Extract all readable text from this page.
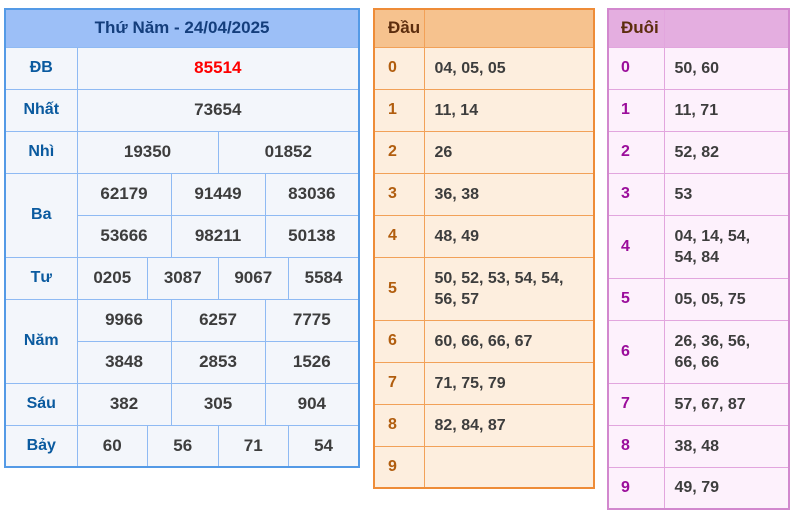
Thứ Năm - 24/04/2025						
ĐB	85514					
Nhất	73654					
Nhì	19350			01852		
Ba	62179		91449		83036	
	53666		98211		50138	
Tư	0205	3087		9067		5584
Năm	9966		6257		7775	
	3848		2853		1526	
Sáu	382		305		904	
Bảy	60	56		71		54
Đầu	
0	04, 05, 05
1	11, 14
2	26
3	36, 38
4	48, 49
5	50, 52, 53, 54, 54, 56, 57
6	60, 66, 66, 67
7	71, 75, 79
8	82, 84, 87
9	
Đuôi	
0	50, 60
1	11, 71
2	52, 82
3	53
4	04, 14, 54, 54, 84
5	05, 05, 75
6	26, 36, 56, 66, 66
7	57, 67, 87
8	38, 48
9	49, 79
